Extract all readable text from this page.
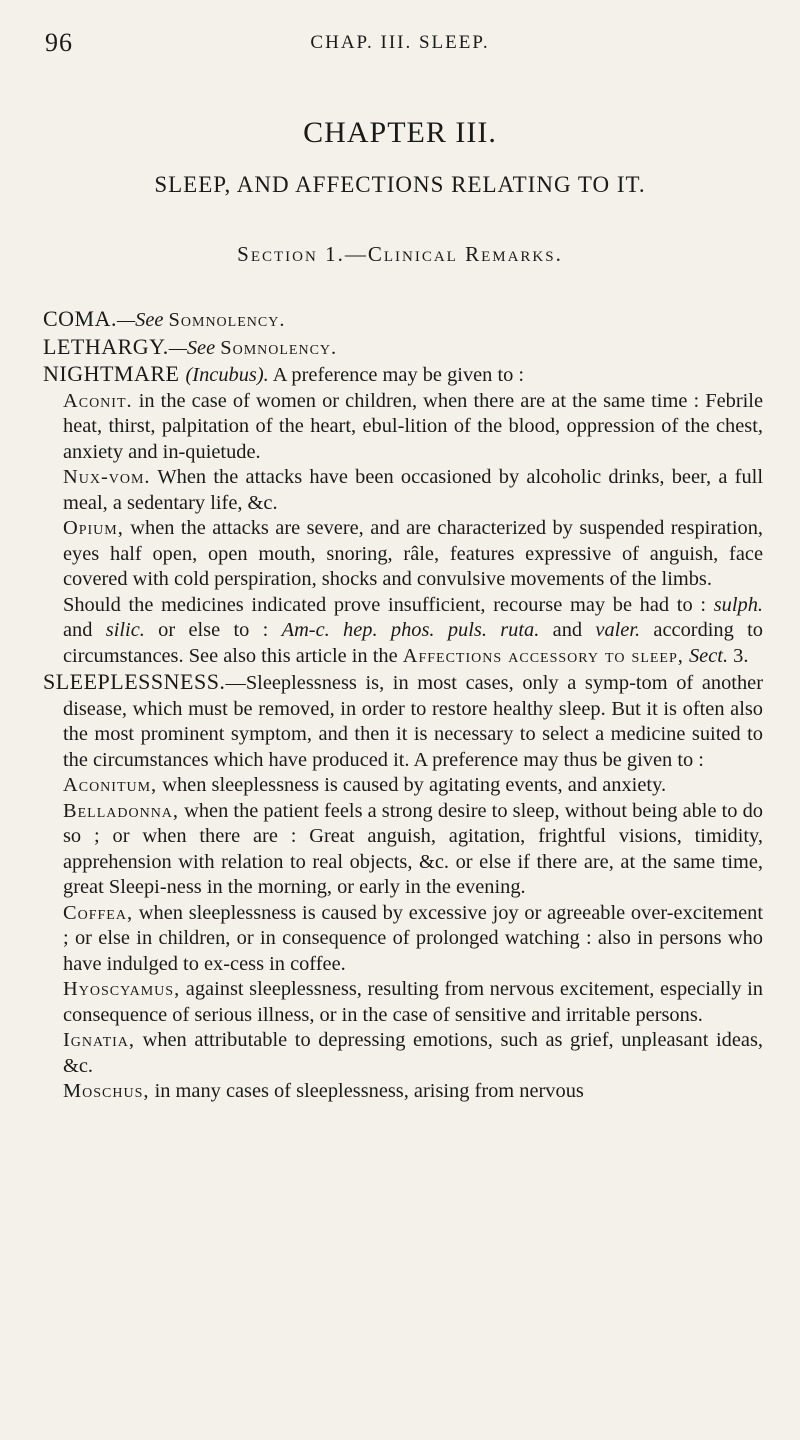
96	CHAP. III. SLEEP.
CHAPTER III.
SLEEP, AND AFFECTIONS RELATING TO IT.
Section 1.—Clinical Remarks.

COMA.—See Somnolency.

LETHARGY.—See Somnolency.

NIGHTMARE (Incubus). A preference may be given to :

Aconit. in the case of women or children, when there are at the same time : Febrile heat, thirst, palpitation of the heart, ebul-lition of the blood, oppression of the chest, anxiety and in-quietude.

Nux-vom. When the attacks have been occasioned by alcoholic drinks, beer, a full meal, a sedentary life, &c.

Opium, when the attacks are severe, and are characterized by suspended respiration, eyes half open, open mouth, snoring, râle, features expressive of anguish, face covered with cold perspiration, shocks and convulsive movements of the limbs.

Should the medicines indicated prove insufficient, recourse may be had to : sulph. and silic. or else to : Am-c. hep. phos. puls. ruta. and valer. according to circumstances. See also this article in the Affections accessory to sleep, Sect. 3.

SLEEPLESSNESS.—Sleeplessness is, in most cases, only a symp-tom of another disease, which must be removed, in order to restore healthy sleep. But it is often also the most prominent symptom, and then it is necessary to select a medicine suited to the circumstances which have produced it. A preference may thus be given to :

Aconitum, when sleeplessness is caused by agitating events, and anxiety.

Belladonna, when the patient feels a strong desire to sleep, without being able to do so ; or when there are : Great anguish, agitation, frightful visions, timidity, apprehension with relation to real objects, &c. or else if there are, at the same time, great Sleepi-ness in the morning, or early in the evening.

Coffea, when sleeplessness is caused by excessive joy or agreeable over-excitement ; or else in children, or in consequence of prolonged watching : also in persons who have indulged to ex-cess in coffee.

Hyoscyamus, against sleeplessness, resulting from nervous excitement, especially in consequence of serious illness, or in the case of sensitive and irritable persons.

Ignatia, when attributable to depressing emotions, such as grief, unpleasant ideas, &c.

Moschus, in many cases of sleeplessness, arising from nervous
